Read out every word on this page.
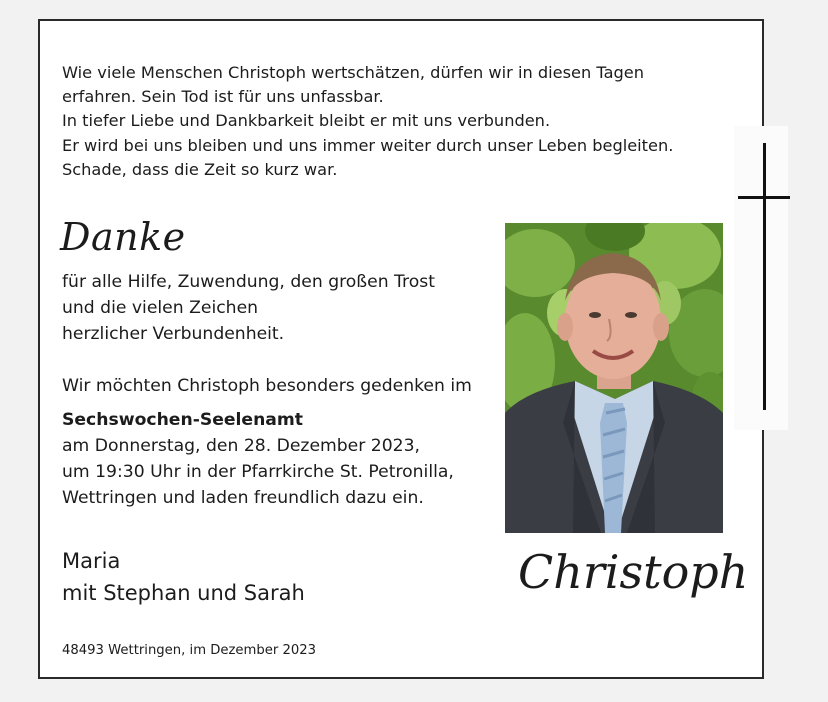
Wie viele Menschen Christoph wertschätzen, dürfen wir in diesen Tagen
erfahren. Sein Tod ist für uns unfassbar.
In tiefer Liebe und Dankbarkeit bleibt er mit uns verbunden.
Er wird bei uns bleiben und uns immer weiter durch unser Leben begleiten.
Schade, dass die Zeit so kurz war.
Danke
für alle Hilfe, Zuwendung, den großen Trost
und die vielen Zeichen
herzlicher Verbundenheit.
Wir möchten Christoph besonders gedenken im
Sechswochen-Seelenamt
am Donnerstag, den 28. Dezember 2023,
um 19:30 Uhr in der Pfarrkirche St. Petronilla,
Wettringen und laden freundlich dazu ein.
Maria
mit Stephan und Sarah
48493 Wettringen, im Dezember 2023
Christoph
